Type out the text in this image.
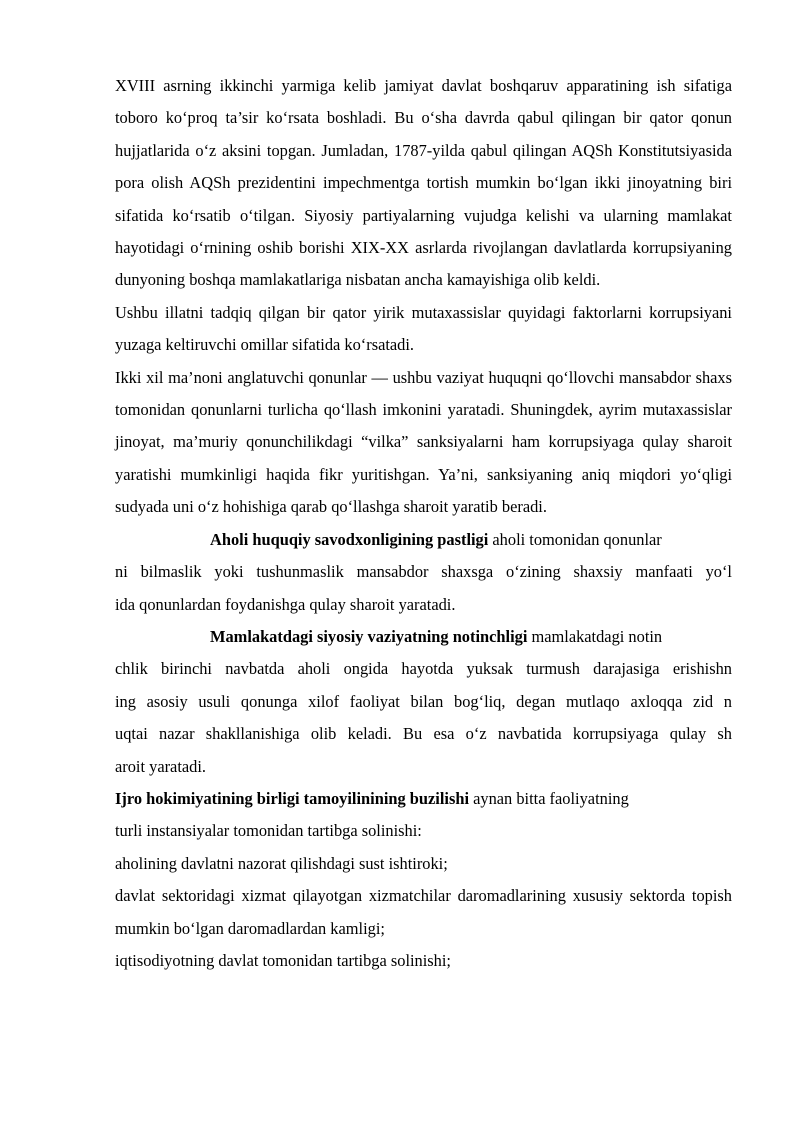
XVIII asrning ikkinchi yarmiga kelib jamiyat davlat boshqaruv apparatining ish sifatiga toboro ko‘proq ta’sir ko‘rsata boshladi. Bu o‘sha davrda qabul qilingan bir qator qonun hujjatlarida o‘z aksini topgan. Jumladan, 1787-yilda qabul qilingan AQSh Konstitutsiyasida pora olish AQSh prezidentini impechmentga tortish mumkin bo‘lgan ikki jinoyatning biri sifatida ko‘rsatib o‘tilgan. Siyosiy partiyalarning vujudga kelishi va ularning mamlakat hayotidagi o‘rnining oshib borishi XIX-XX asrlarda rivojlangan davlatlarda korrupsiyaning dunyoning boshqa mamlakatlariga nisbatan ancha kamayishiga olib keldi.

Ushbu illatni tadqiq qilgan bir qator yirik mutaxassislar quyidagi faktorlarni korrupsiyani yuzaga keltiruvchi omillar sifatida ko‘rsatadi.

Ikki xil ma’noni anglatuvchi qonunlar — ushbu vaziyat huquqni qo‘llovchi mansabdor shaxs tomonidan qonunlarni turlicha qo‘llash imkonini yaratadi. Shuningdek, ayrim mutaxassislar jinoyat, ma’muriy qonunchilikdagi “vilka” sanksiyalarni ham korrupsiyaga qulay sharoit yaratishi mumkinligi haqida fikr yuritishgan. Ya’ni, sanksiyaning aniq miqdori yo‘qligi sudyada uni o‘z hohishiga qarab qo‘llashga sharoit yaratib beradi.

Aholi huquqiy savodxonligining pastligi aholi tomonidan qonunlar
ni bilmaslik yoki tushunmaslik mansabdor shaxsga o‘zining shaxsiy manfaati yo‘l
ida qonunlardan foydanishga qulay sharoit yaratadi.
Mamlakatdagi siyosiy vaziyatning notinchligi mamlakatdagi notin
chlik birinchi navbatda aholi ongida hayotda yuksak turmush darajasiga erishishn
ing asosiy usuli qonunga xilof faoliyat bilan bog‘liq, degan mutlaqo axloqqa zid n
uqtai nazar shakllanishiga olib keladi. Bu esa o‘z navbatida korrupsiyaga qulay sh
aroit yaratadi.
Ijro hokimiyatining birligi tamoyilinining buzilishi aynan bitta faoliyatning
turli instansiyalar tomonidan tartibga solinishi:

aholining davlatni nazorat qilishdagi sust ishtiroki;

davlat sektoridagi xizmat qilayotgan xizmatchilar daromadlarining xususiy sektorda topish mumkin bo‘lgan daromadlardan kamligi;

iqtisodiyotning davlat tomonidan tartibga solinishi;
